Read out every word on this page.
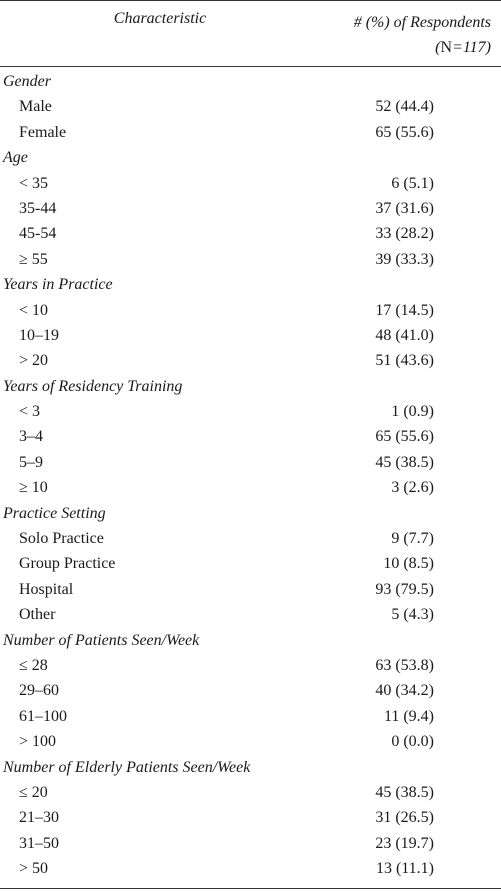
Characteristic	# (%) of Respondents
(N=117)
Gender
Male	52 (44.4)
Female	65 (55.6)
Age
< 35	6 (5.1)
35-44	37 (31.6)
45-54	33 (28.2)
≥ 55	39 (33.3)
Years in Practice
< 10	17 (14.5)
10–19	48 (41.0)
> 20	51 (43.6)
Years of Residency Training
< 3	1 (0.9)
3–4	65 (55.6)
5–9	45 (38.5)
≥ 10	3 (2.6)
Practice Setting
Solo Practice	9 (7.7)
Group Practice	10 (8.5)
Hospital	93 (79.5)
Other	5 (4.3)
Number of Patients Seen/Week
≤ 28	63 (53.8)
29–60	40 (34.2)
61–100	11 (9.4)
> 100	0 (0.0)
Number of Elderly Patients Seen/Week
≤ 20	45 (38.5)
21–30	31 (26.5)
31–50	23 (19.7)
> 50	13 (11.1)
